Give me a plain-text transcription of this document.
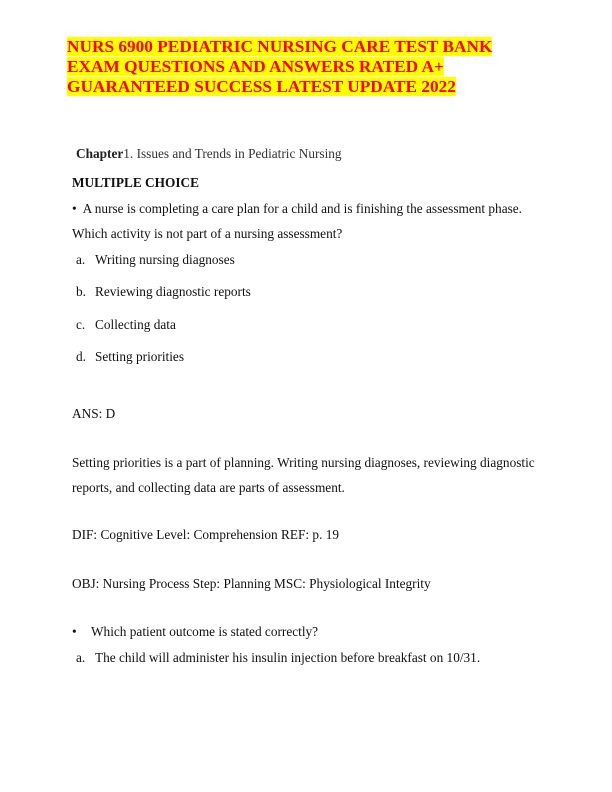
NURS 6900 PEDIATRIC NURSING CARE TEST BANK
EXAM QUESTIONS AND ANSWERS RATED A+
GUARANTEED SUCCESS LATEST UPDATE 2022
Chapter1. Issues and Trends in Pediatric Nursing
MULTIPLE CHOICE
• A nurse is completing a care plan for a child and is finishing the assessment phase. Which activity is not part of a nursing assessment?
a. Writing nursing diagnoses
b. Reviewing diagnostic reports
c. Collecting data
d. Setting priorities
ANS: D
Setting priorities is a part of planning. Writing nursing diagnoses, reviewing diagnostic reports, and collecting data are parts of assessment.
DIF: Cognitive Level: Comprehension REF: p. 19
OBJ: Nursing Process Step: Planning MSC: Physiological Integrity
• Which patient outcome is stated correctly?
a. The child will administer his insulin injection before breakfast on 10/31.
